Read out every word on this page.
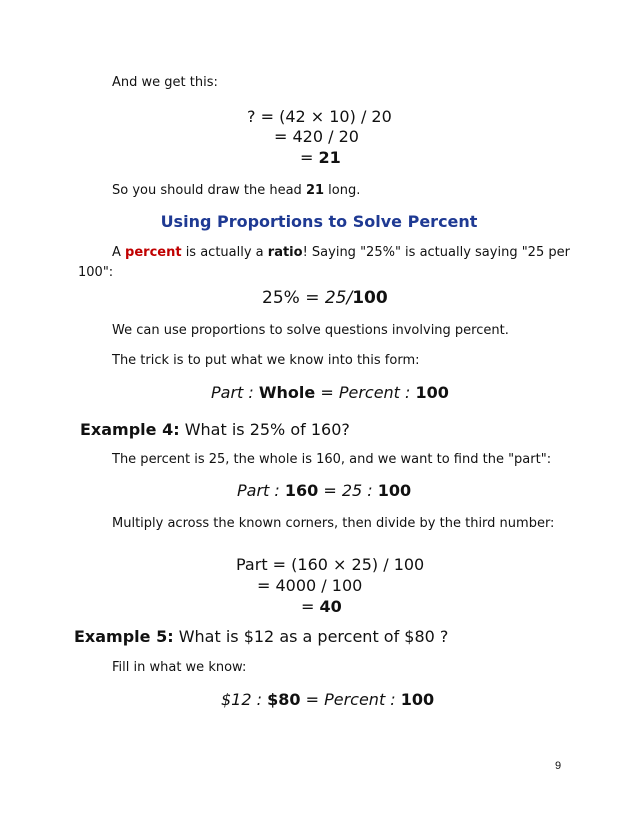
And we get this:
? = (42 × 10) / 20
= 420 / 20
= 21
So you should draw the head 21 long.
Using Proportions to Solve Percent
A percent is actually a ratio! Saying "25%" is actually saying "25 per
100":
25% = 25/100
We can use proportions to solve questions involving percent.
The trick is to put what we know into this form:
Part : Whole = Percent : 100
Example 4: What is 25% of 160?
The percent is 25, the whole is 160, and we want to find the "part":
Part : 160 = 25 : 100
Multiply across the known corners, then divide by the third number:
Part = (160 × 25) / 100
= 4000 / 100
= 40
Example 5: What is $12 as a percent of $80 ?
Fill in what we know:
$12 : $80 = Percent : 100
9
